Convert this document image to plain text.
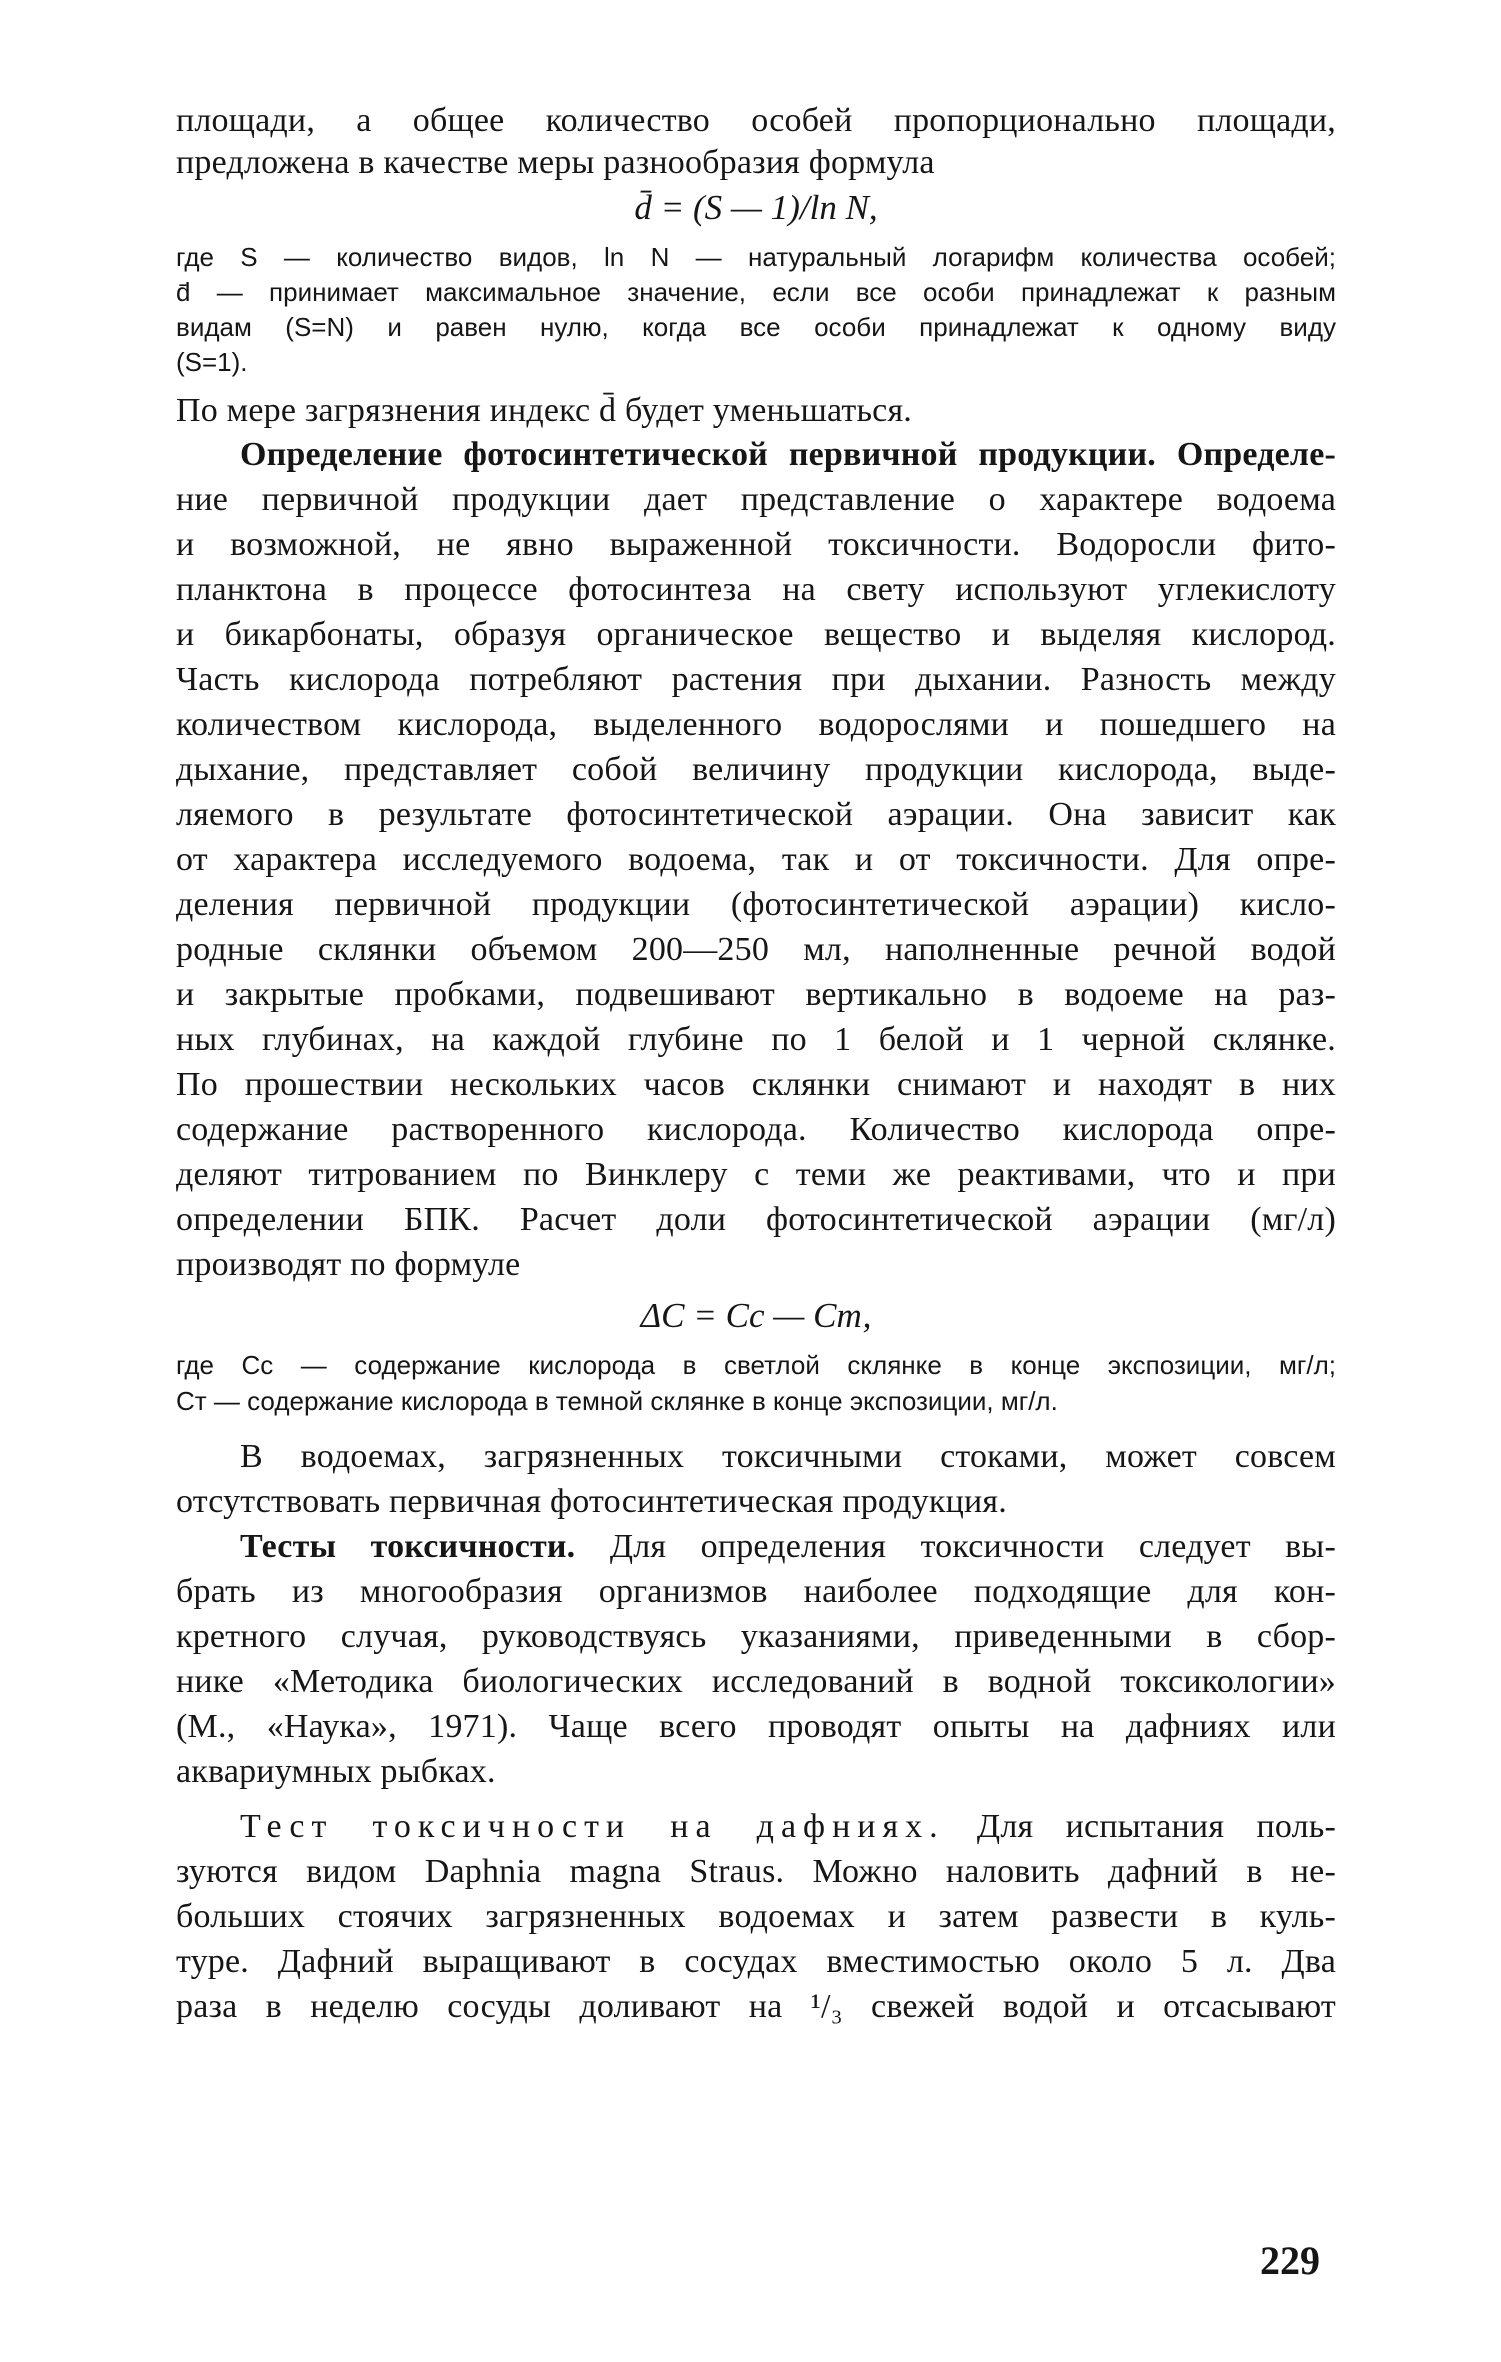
площади, а общее количество особей пропорционально площади,
предложена в качестве меры разнообразия формула
d̄ = (S — 1)/ln N,
где S — количество видов, ln N — натуральный логарифм количества особей;
d̄ — принимает максимальное значение, если все особи принадлежат к разным
видам (S=N) и равен нулю, когда все особи принадлежат к одному виду
(S=1).
По мере загрязнения индекс d̄ будет уменьшаться.
Определение фотосинтетической первичной продукции. Определе-
ние первичной продукции дает представление о характере водоема
и возможной, не явно выраженной токсичности. Водоросли фито-
планктона в процессе фотосинтеза на свету используют углекислоту
и бикарбонаты, образуя органическое вещество и выделяя кислород.
Часть кислорода потребляют растения при дыхании. Разность между
количеством кислорода, выделенного водорослями и пошедшего на
дыхание, представляет собой величину продукции кислорода, выде-
ляемого в результате фотосинтетической аэрации. Она зависит как
от характера исследуемого водоема, так и от токсичности. Для опре-
деления первичной продукции (фотосинтетической аэрации) кисло-
родные склянки объемом 200—250 мл, наполненные речной водой
и закрытые пробками, подвешивают вертикально в водоеме на раз-
ных глубинах, на каждой глубине по 1 белой и 1 черной склянке.
По прошествии нескольких часов склянки снимают и находят в них
содержание растворенного кислорода. Количество кислорода опре-
деляют титрованием по Винклеру с теми же реактивами, что и при
определении БПК. Расчет доли фотосинтетической аэрации (мг/л)
производят по формуле
ΔC = Cс — Cт,
где Cс — содержание кислорода в светлой склянке в конце экспозиции, мг/л;
Cт — содержание кислорода в темной склянке в конце экспозиции, мг/л.
В водоемах, загрязненных токсичными стоками, может совсем
отсутствовать первичная фотосинтетическая продукция.
Тесты токсичности. Для определения токсичности следует вы-
брать из многообразия организмов наиболее подходящие для кон-
кретного случая, руководствуясь указаниями, приведенными в сбор-
нике «Методика биологических исследований в водной токсикологии»
(М., «Наука», 1971). Чаще всего проводят опыты на дафниях или
аквариумных рыбках.
Тест токсичности на дафниях. Для испытания поль-
зуются видом Daphnia magna Straus. Можно наловить дафний в не-
больших стоячих загрязненных водоемах и затем развести в куль-
туре. Дафний выращивают в сосудах вместимостью около 5 л. Два
раза в неделю сосуды доливают на ¹/₃ свежей водой и отсасывают
229
